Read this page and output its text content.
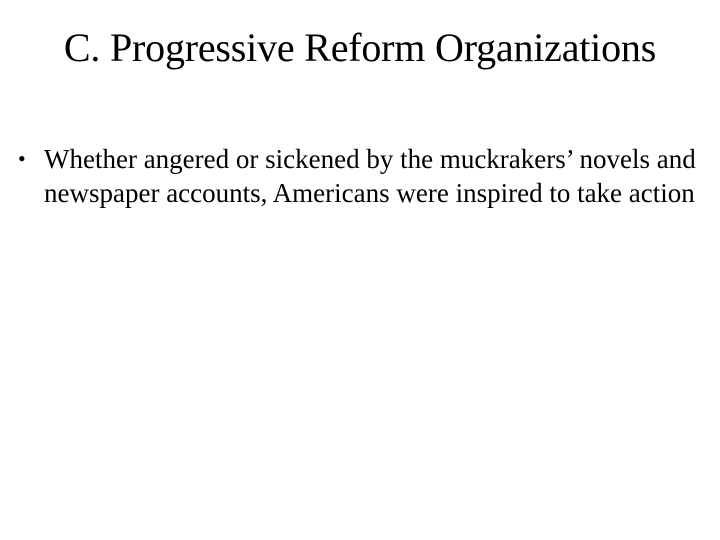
C. Progressive Reform Organizations
• Whether angered or sickened by the muckrakers’ novels and newspaper accounts, Americans were inspired to take action
